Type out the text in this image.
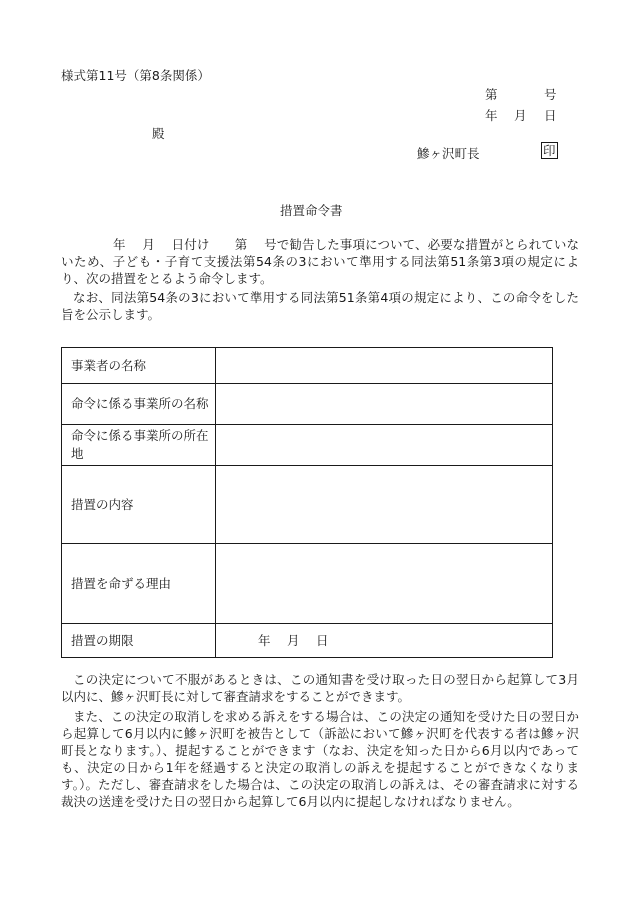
様式第11号（第8条関係）
第	号
年 月 日
殿
鰺ヶ沢町長	印
措置命令書
年　 月　 日付け　　第　 号で勧告した事項について、必要な措置がとられていないため、子ども・子育て支援法第54条の3において準用する同法第51条第3項の規定により、次の措置をとるよう命令します。
なお、同法第54条の3において準用する同法第51条第4項の規定により、この命令をした旨を公示します。
事業者の名称	
命令に係る事業所の名称	
命令に係る事業所の所在地	
措置の内容	
措置を命ずる理由	
措置の期限	年　 月　 日
この決定について不服があるときは、この通知書を受け取った日の翌日から起算して3月以内に、鰺ヶ沢町長に対して審査請求をすることができます。
また、この決定の取消しを求める訴えをする場合は、この決定の通知を受けた日の翌日から起算して6月以内に鰺ヶ沢町を被告として（訴訟において鰺ヶ沢町を代表する者は鰺ヶ沢町長となります。）、提起することができます（なお、決定を知った日から6月以内であっても、決定の日から1年を経過すると決定の取消しの訴えを提起することができなくなります。）。ただし、審査請求をした場合は、この決定の取消しの訴えは、その審査請求に対する裁決の送達を受けた日の翌日から起算して6月以内に提起しなければなりません。
